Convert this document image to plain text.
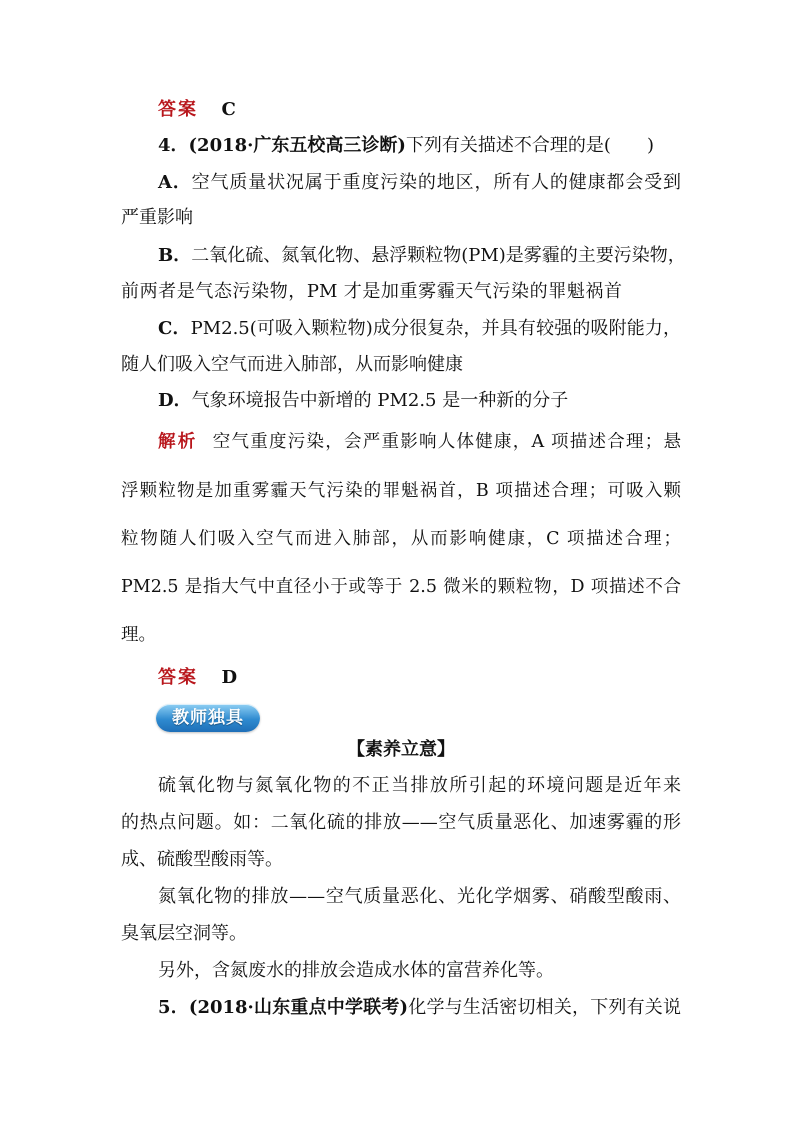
答案 C
4．(2018·广东五校高三诊断)下列有关描述不合理的是(　　)
A．空气质量状况属于重度污染的地区，所有人的健康都会受到
严重影响
B．二氧化硫、氮氧化物、悬浮颗粒物(PM)是雾霾的主要污染物，
前两者是气态污染物，PM 才是加重雾霾天气污染的罪魁祸首
C．PM2.5(可吸入颗粒物)成分很复杂，并具有较强的吸附能力，
随人们吸入空气而进入肺部，从而影响健康
D．气象环境报告中新增的 PM2.5 是一种新的分子
解析 空气重度污染，会严重影响人体健康，A 项描述合理；悬
浮颗粒物是加重雾霾天气污染的罪魁祸首，B 项描述合理；可吸入颗
粒物随人们吸入空气而进入肺部，从而影响健康，C 项描述合理；
PM2.5 是指大气中直径小于或等于 2.5 微米的颗粒物，D 项描述不合
理。
答案 D
教师独具
【素养立意】
硫氧化物与氮氧化物的不正当排放所引起的环境问题是近年来
的热点问题。如：二氧化硫的排放——空气质量恶化、加速雾霾的形
成、硫酸型酸雨等。
氮氧化物的排放——空气质量恶化、光化学烟雾、硝酸型酸雨、
臭氧层空洞等。
另外，含氮废水的排放会造成水体的富营养化等。
5．(2018·山东重点中学联考)化学与生活密切相关，下列有关说
